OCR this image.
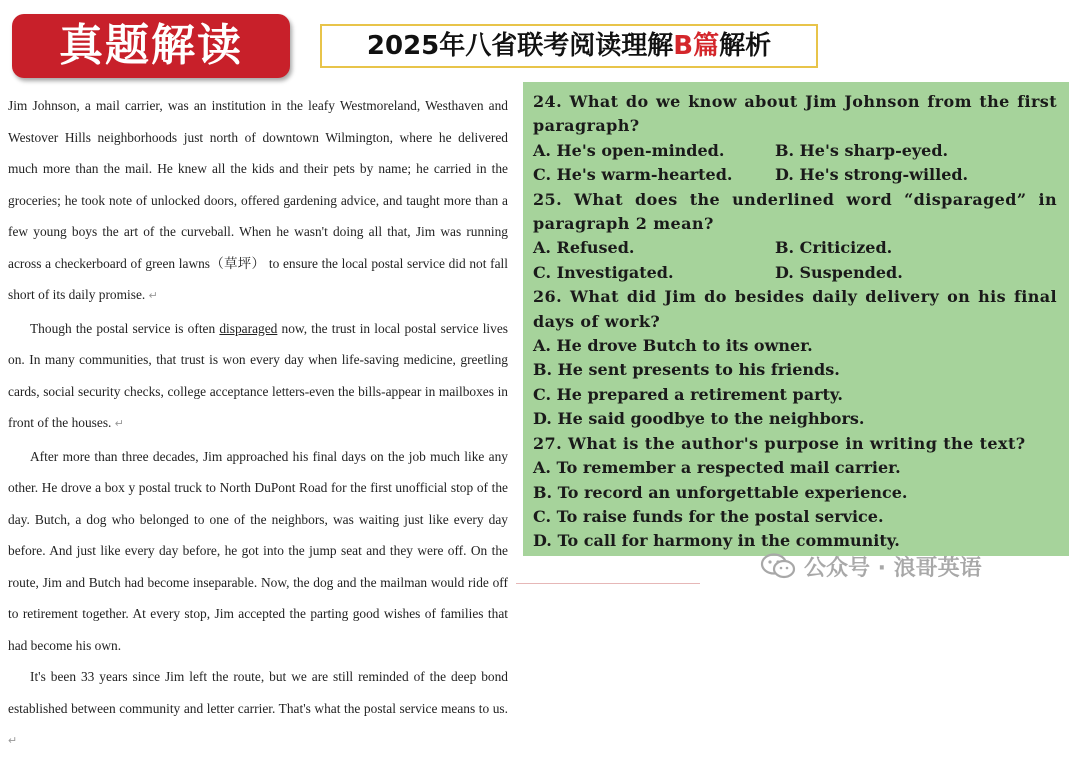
真题解读	2025年八省联考阅读理解B篇解析

Jim Johnson, a mail carrier, was an institution in the leafy Westmoreland, Westhaven and Westover Hills neighborhoods just north of downtown Wilmington, where he delivered much more than the mail. He knew all the kids and their pets by name; he carried in the groceries; he took note of unlocked doors, offered gardening advice, and taught more than a few young boys the art of the curveball. When he wasn't doing all that, Jim was running across a checkerboard of green lawns（草坪） to ensure the local postal service did not fall short of its daily promise. ↵

Though the postal service is often disparaged now, the trust in local postal service lives on. In many communities, that trust is won every day when life-saving medicine, greetling cards, social security checks, college acceptance letters-even the bills-appear in mailboxes in front of the houses. ↵

After more than three decades, Jim approached his final days on the job much like any other. He drove a box y postal truck to North DuPont Road for the first unofficial stop of the day. Butch, a dog who belonged to one of the neighbors, was waiting just like every day before. And just like every day before, he got into the jump seat and they were off. On the route, Jim and Butch had become inseparable. Now, the dog and the mailman would ride off to retirement together. At every stop, Jim accepted the parting good wishes of families that had become his own.

It's been 33 years since Jim left the route, but we are still reminded of the deep bond established between community and letter carrier. That's what the postal service means to us. ↵

24. What do we know about Jim Johnson from the first paragraph?

A. He's open-minded.	B. He's sharp-eyed.
C. He's warm-hearted.	D. He's strong-willed.

25. What does the underlined word “disparaged” in paragraph 2 mean?

A. Refused.	B. Criticized.
C. Investigated.	D. Suspended.

26. What did Jim do besides daily delivery on his final days of work?

A. He drove Butch to its owner.

B. He sent presents to his friends.

C. He prepared a retirement party.

D. He said goodbye to the neighbors.

27. What is the author's purpose in writing the text?

A. To remember a respected mail carrier.

B. To record an unforgettable experience.

C. To raise funds for the postal service.

D. To call for harmony in the community.

公众号 · 浪哥英语
